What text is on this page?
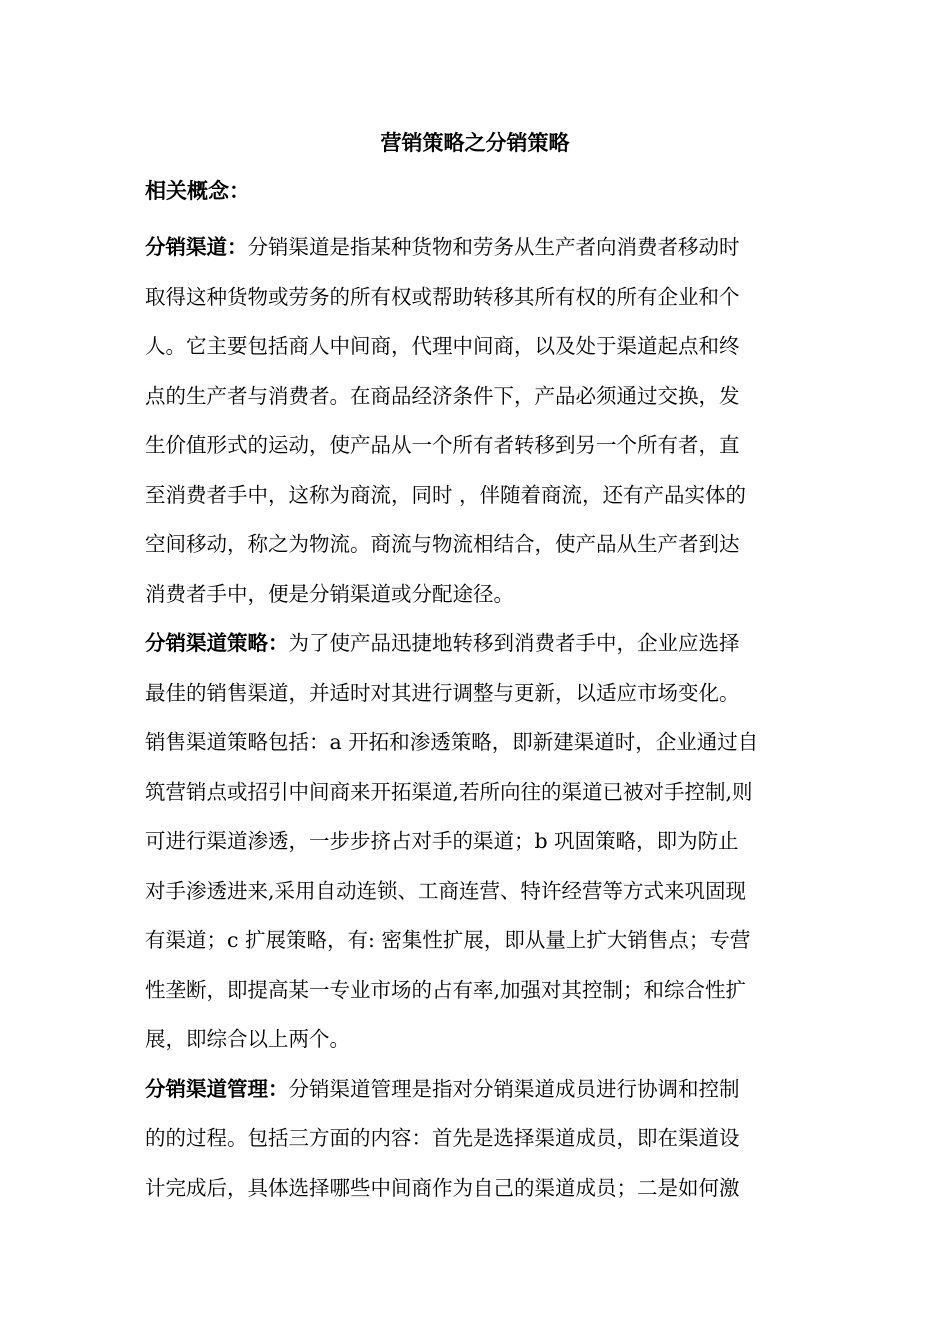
营销策略之分销策略
相关概念：
分销渠道：分销渠道是指某种货物和劳务从生产者向消费者移动时
取得这种货物或劳务的所有权或帮助转移其所有权的所有企业和个
人。它主要包括商人中间商，代理中间商，以及处于渠道起点和终
点的生产者与消费者。在商品经济条件下，产品必须通过交换，发
生价值形式的运动，使产品从一个所有者转移到另一个所有者，直
至消费者手中，这称为商流，同时 ，伴随着商流，还有产品实体的
空间移动，称之为物流。商流与物流相结合，使产品从生产者到达
消费者手中，便是分销渠道或分配途径。
分销渠道策略：为了使产品迅捷地转移到消费者手中，企业应选择
最佳的销售渠道，并适时对其进行调整与更新，以适应市场变化。
销售渠道策略包括：a 开拓和渗透策略，即新建渠道时，企业通过自
筑营销点或招引中间商来开拓渠道,若所向往的渠道已被对手控制,则
可进行渠道渗透，一步步挤占对手的渠道；b 巩固策略，即为防止
对手渗透进来,采用自动连锁、工商连营、特许经营等方式来巩固现
有渠道；c 扩展策略，有: 密集性扩展，即从量上扩大销售点；专营
性垄断，即提高某一专业市场的占有率,加强对其控制；和综合性扩
展，即综合以上两个。
分销渠道管理：分销渠道管理是指对分销渠道成员进行协调和控制
的的过程。包括三方面的内容：首先是选择渠道成员，即在渠道设
计完成后，具体选择哪些中间商作为自己的渠道成员；二是如何激
